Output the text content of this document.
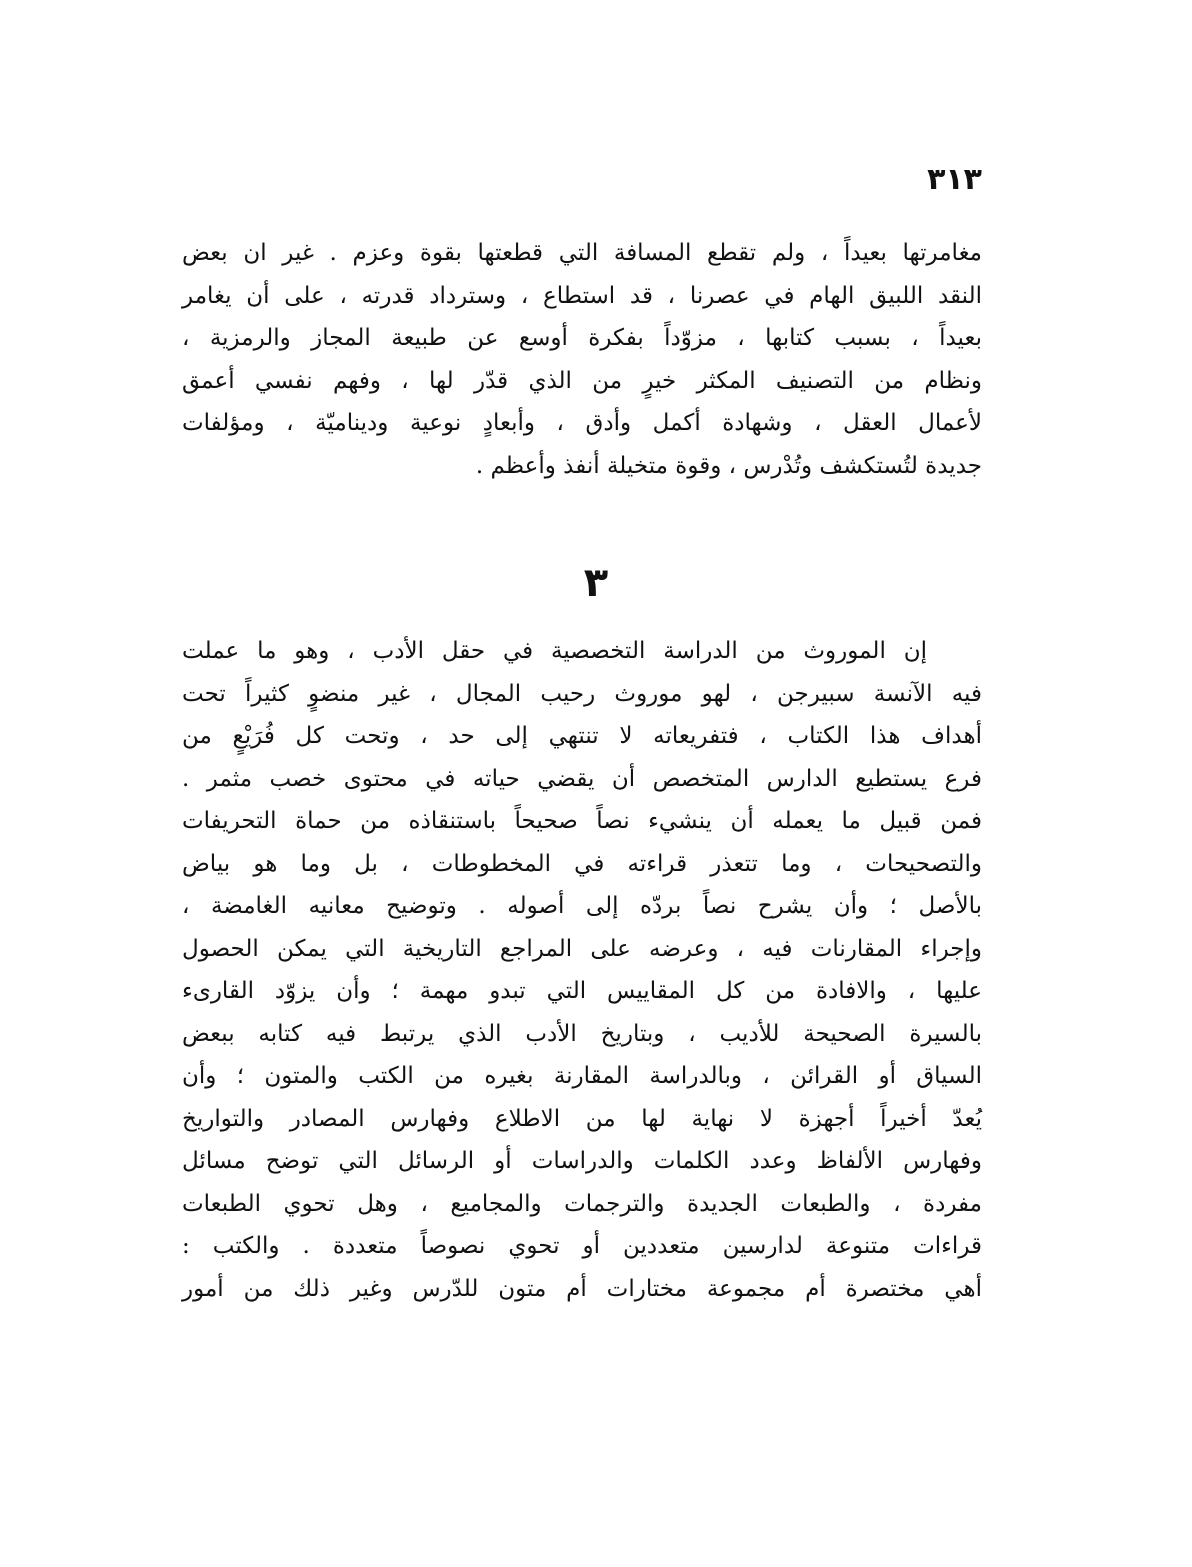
٣١٣
مغامرتها بعيداً ، ولم تقطع المسافة التي قطعتها بقوة وعزم . غير ان بعض
النقد اللبيق الهام في عصرنا ، قد استطاع ، وسترداد قدرته ، على أن يغامر
بعيداً ، بسبب كتابها ، مزوّداً بفكرة أوسع عن طبيعة المجاز والرمزية ،
ونظام من التصنيف المكثر خيرٍ من الذي قدّر لها ، وفهم نفسي أعمق
لأعمال العقل ، وشهادة أكمل وأدق ، وأبعادٍ نوعية وديناميّة ، ومؤلفات
جديدة لتُستكشف وتُدْرس ، وقوة متخيلة أنفذ وأعظم .
٣
إن الموروث من الدراسة التخصصية في حقل الأدب ، وهو ما عملت
فيه الآنسة سبيرجن ، لهو موروث رحيب المجال ، غير منضوٍ كثيراً تحت
أهداف هذا الكتاب ، فتفريعاته لا تنتهي إلى حد ، وتحت كل فُرَيْعٍ من
فرع يستطيع الدارس المتخصص أن يقضي حياته في محتوى خصب مثمر .
فمن قبيل ما يعمله أن ينشيء نصاً صحيحاً باستنقاذه من حماة التحريفات
والتصحيحات ، وما تتعذر قراءته في المخطوطات ، بل وما هو بياض
بالأصل ؛ وأن يشرح نصاً بردّه إلى أصوله . وتوضيح معانيه الغامضة ،
وإجراء المقارنات فيه ، وعرضه على المراجع التاريخية التي يمكن الحصول
عليها ، والافادة من كل المقاييس التي تبدو مهمة ؛ وأن يزوّد القارىء
بالسيرة الصحيحة للأديب ، وبتاريخ الأدب الذي يرتبط فيه كتابه ببعض
السياق أو القرائن ، وبالدراسة المقارنة بغيره من الكتب والمتون ؛ وأن
يُعدّ أخيراً أجهزة لا نهاية لها من الاطلاع وفهارس المصادر والتواريخ
وفهارس الألفاظ وعدد الكلمات والدراسات أو الرسائل التي توضح مسائل
مفردة ، والطبعات الجديدة والترجمات والمجاميع ، وهل تحوي الطبعات
قراءات متنوعة لدارسين متعددين أو تحوي نصوصاً متعددة . والكتب :
أهي مختصرة أم مجموعة مختارات أم متون للدّرس وغير ذلك من أمور
